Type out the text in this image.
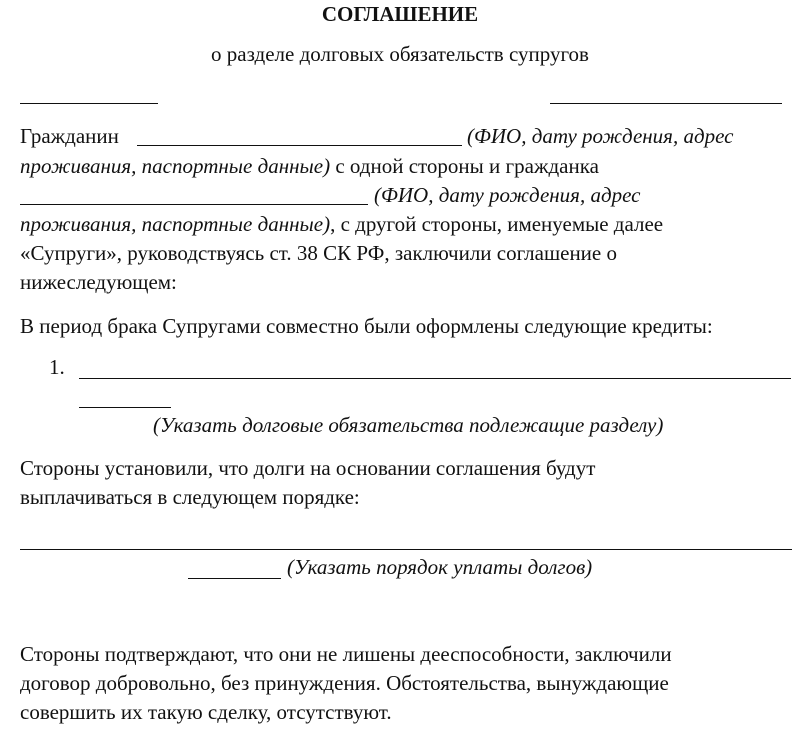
СОГЛАШЕНИЕ
о разделе долговых обязательств супругов
Гражданин	(ФИО, дату рождения, адрес
проживания, паспортные данные) с одной стороны и гражданка
(ФИО, дату рождения, адрес
проживания, паспортные данные), с другой стороны, именуемые далее
«Супруги», руководствуясь ст. 38 СК РФ, заключили соглашение о
нижеследующем:
В период брака Супругами совместно были оформлены следующие кредиты:
1.
(Указать долговые обязательства подлежащие разделу)
Стороны установили, что долги на основании соглашения будут
выплачиваться в следующем порядке:
(Указать порядок уплаты долгов)
Стороны подтверждают, что они не лишены дееспособности, заключили
договор добровольно, без принуждения. Обстоятельства, вынуждающие
совершить их такую сделку, отсутствуют.
